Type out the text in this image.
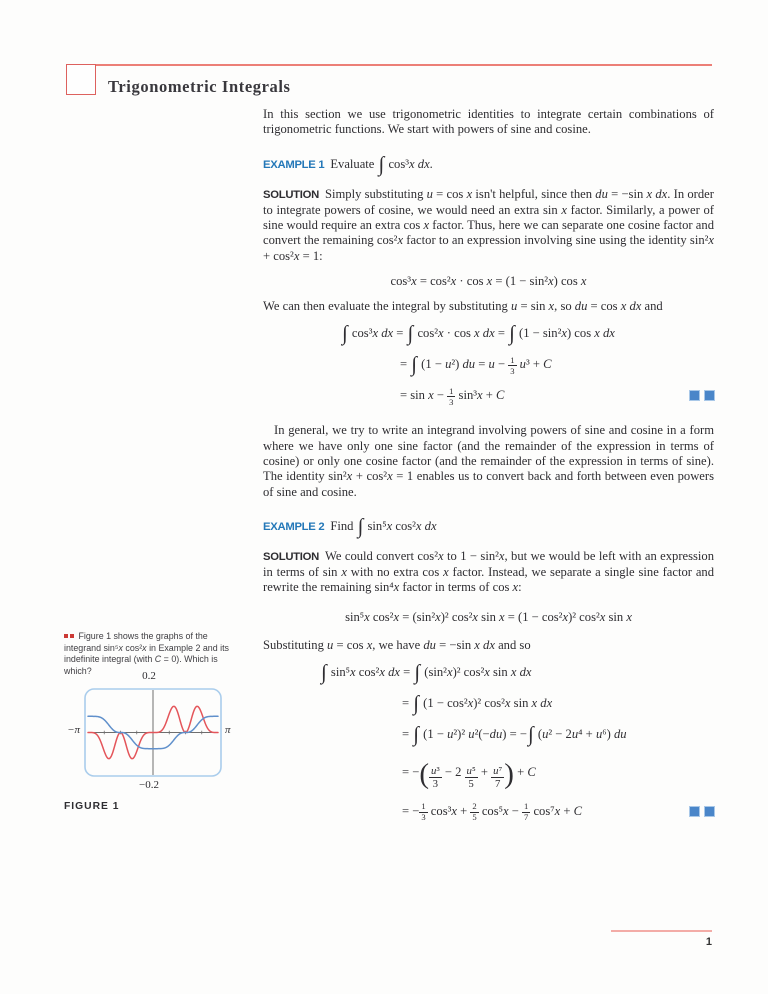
Trigonometric Integrals

In this section we use trigonometric identities to integrate certain combinations of trigonometric functions. We start with powers of sine and cosine.

EXAMPLE 1 Evaluate ∫ cos³x dx.

SOLUTION Simply substituting u = cos x isn't helpful, since then du = −sin x dx. In order to integrate powers of cosine, we would need an extra sin x factor. Similarly, a power of sine would require an extra cos x factor. Thus, here we can separate one cosine factor and convert the remaining cos²x factor to an expression involving sine using the identity sin²x + cos²x = 1:

cos³x = cos²x · cos x = (1 − sin²x) cos x

We can then evaluate the integral by substituting u = sin x, so du = cos x dx and

∫ cos³x dx = ∫ cos²x · cos x dx = ∫ (1 − sin²x) cos x dx
= ∫ (1 − u²) du = $u - \frac{1}{3} u^3 + C$
= $\sin x - \frac{1}{3} \sin^3x + C$

In general, we try to write an integrand involving powers of sine and cosine in a form where we have only one sine factor (and the remainder of the expression in terms of cosine) or only one cosine factor (and the remainder of the expression in terms of sine). The identity sin²x + cos²x = 1 enables us to convert back and forth between even powers of sine and cosine.

EXAMPLE 2 Find ∫ sin⁵x cos²x dx

SOLUTION We could convert cos²x to 1 − sin²x, but we would be left with an expression in terms of sin x with no extra cos x factor. Instead, we separate a single sine factor and rewrite the remaining sin⁴x factor in terms of cos x:

sin⁵x cos²x = (sin²x)² cos²x sin x = (1 − cos²x)² cos²x sin x

Substituting u = cos x, we have du = −sin x dx and so

∫ sin⁵x cos²x dx = ∫ (sin²x)² cos²x sin x dx
= ∫ (1 − cos²x)² cos²x sin x dx
= ∫ (1 − u²)² u²(−du) = −∫ (u² − 2u⁴ + u⁶) du
= −( $\frac{\text{u³}}{3} - 2 \frac{\text{u⁵}}{5} + \frac{\text{u⁷}}{7}$ ) + C
= − $\frac{1}{3} \cos^3x + \frac{2}{5} \cos^5x - \frac{1}{7} \cos^7x + C$
Figure 1 shows the graphs of the integrand sin⁵x cos²x in Example 2 and its indefinite integral (with C = 0). Which is which?	0.2
−0.2
−π	π
FIGURE 1
1
